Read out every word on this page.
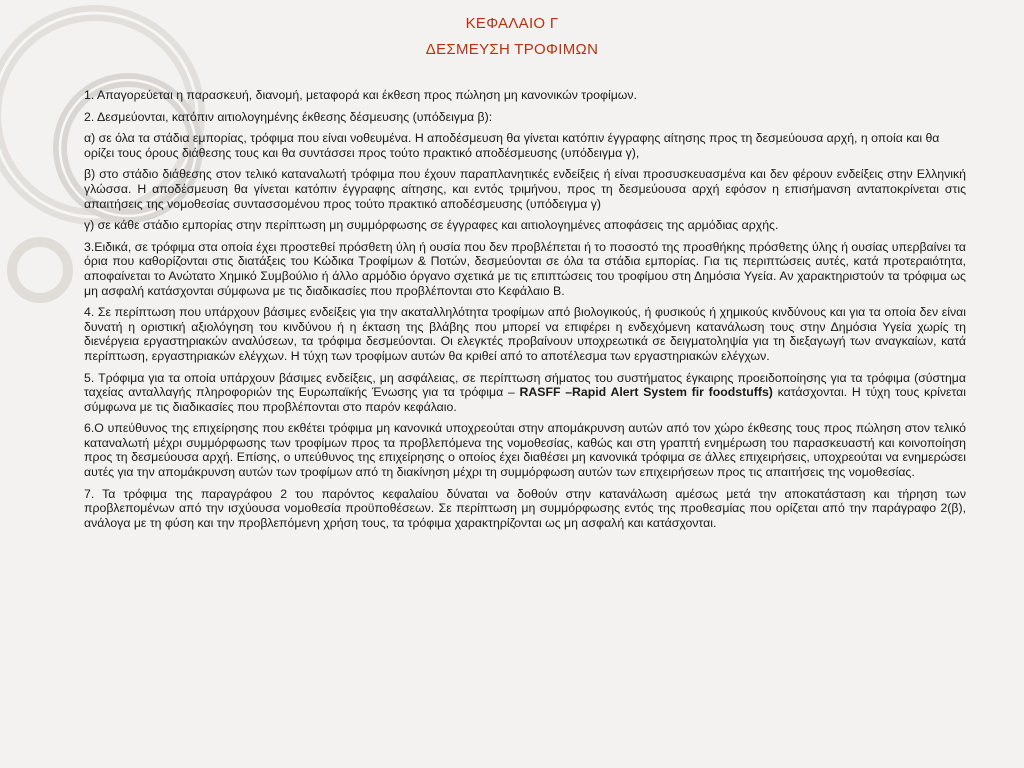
ΚΕΦΑΛΑΙΟ Γ
ΔΕΣΜΕΥΣΗ ΤΡΟΦΙΜΩΝ

1. Απαγορεύεται η παρασκευή, διανομή, μεταφορά και έκθεση προς πώληση μη κανονικών τροφίμων.

2. Δεσμεύονται, κατόπιν αιτιολογημένης έκθεσης δέσμευσης (υπόδειγμα β):

α) σε όλα τα στάδια εμπορίας, τρόφιμα που είναι νοθευμένα. Η αποδέσμευση θα γίνεται κατόπιν έγγραφης αίτησης προς τη δεσμεύουσα αρχή, η οποία και θα ορίζει τους όρους διάθεσης τους και θα συντάσσει προς τούτο πρακτικό αποδέσμευσης (υπόδειγμα γ),

β) στο στάδιο διάθεσης στον τελικό καταναλωτή τρόφιμα που έχουν παραπλανητικές ενδείξεις ή είναι προσυσκευασμένα και δεν φέρουν ενδείξεις στην Ελληνική γλώσσα. Η αποδέσμευση θα γίνεται κατόπιν έγγραφης αίτησης, και εντός τριμήνου, προς τη δεσμεύουσα αρχή εφόσον η επισήμανση ανταποκρίνεται στις απαιτήσεις της νομοθεσίας συντασσομένου προς τούτο πρακτικό αποδέσμευσης (υπόδειγμα γ)

γ) σε κάθε στάδιο εμπορίας στην περίπτωση μη συμμόρφωσης σε έγγραφες και αιτιολογημένες αποφάσεις της αρμόδιας αρχής.

3.Ειδικά, σε τρόφιμα στα οποία έχει προστεθεί πρόσθετη ύλη ή ουσία που δεν προβλέπεται ή το ποσοστό της προσθήκης πρόσθετης ύλης ή ουσίας υπερβαίνει τα όρια που καθορίζονται στις διατάξεις του Κώδικα Τροφίμων & Ποτών, δεσμεύονται σε όλα τα στάδια εμπορίας. Για τις περιπτώσεις αυτές, κατά προτεραιότητα, αποφαίνεται το Ανώτατο Χημικό Συμβούλιο ή άλλο αρμόδιο όργανο σχετικά με τις επιπτώσεις του τροφίμου στη Δημόσια Υγεία. Αν χαρακτηριστούν τα τρόφιμα ως μη ασφαλή κατάσχονται σύμφωνα με τις διαδικασίες που προβλέπονται στο Κεφάλαιο Β.

4. Σε περίπτωση που υπάρχουν βάσιμες ενδείξεις για την ακαταλληλότητα τροφίμων από βιολογικούς, ή φυσικούς ή χημικούς κινδύνους και για τα οποία δεν είναι δυνατή η οριστική αξιολόγηση του κινδύνου ή η έκταση της βλάβης που μπορεί να επιφέρει η ενδεχόμενη κατανάλωση τους στην Δημόσια Υγεία χωρίς τη διενέργεια εργαστηριακών αναλύσεων, τα τρόφιμα δεσμεύονται. Οι ελεγκτές προβαίνουν υποχρεωτικά σε δειγματοληψία για τη διεξαγωγή των αναγκαίων, κατά περίπτωση, εργαστηριακών ελέγχων. Η τύχη των τροφίμων αυτών θα κριθεί από το αποτέλεσμα των εργαστηριακών ελέγχων.

5. Τρόφιμα για τα οποία υπάρχουν βάσιμες ενδείξεις, μη ασφάλειας, σε περίπτωση σήματος του συστήματος έγκαιρης προειδοποίησης για τα τρόφιμα (σύστημα ταχείας ανταλλαγής πληροφοριών της Ευρωπαϊκής Ένωσης για τα τρόφιμα – RASFF –Rapid Alert System fir foodstuffs) κατάσχονται. Η τύχη τους κρίνεται σύμφωνα με τις διαδικασίες που προβλέπονται στο παρόν κεφάλαιο.

6.Ο υπεύθυνος της επιχείρησης που εκθέτει τρόφιμα μη κανονικά υποχρεούται στην απομάκρυνση αυτών από τον χώρο έκθεσης τους προς πώληση στον τελικό καταναλωτή μέχρι συμμόρφωσης των τροφίμων προς τα προβλεπόμενα της νομοθεσίας, καθώς και στη γραπτή ενημέρωση του παρασκευαστή και κοινοποίηση προς τη δεσμεύουσα αρχή. Επίσης, ο υπεύθυνος της επιχείρησης ο οποίος έχει διαθέσει μη κανονικά τρόφιμα σε άλλες επιχειρήσεις, υποχρεούται να ενημερώσει αυτές για την απομάκρυνση αυτών των τροφίμων από τη διακίνηση μέχρι τη συμμόρφωση αυτών των επιχειρήσεων προς τις απαιτήσεις της νομοθεσίας.

7. Τα τρόφιμα της παραγράφου 2 του παρόντος κεφαλαίου δύναται να δοθούν στην κατανάλωση αμέσως μετά την αποκατάσταση και τήρηση των προβλεπομένων από την ισχύουσα νομοθεσία προϋποθέσεων. Σε περίπτωση μη συμμόρφωσης εντός της προθεσμίας που ορίζεται από την παράγραφο 2(β), ανάλογα με τη φύση και την προβλεπόμενη χρήση τους, τα τρόφιμα χαρακτηρίζονται ως μη ασφαλή και κατάσχονται.
